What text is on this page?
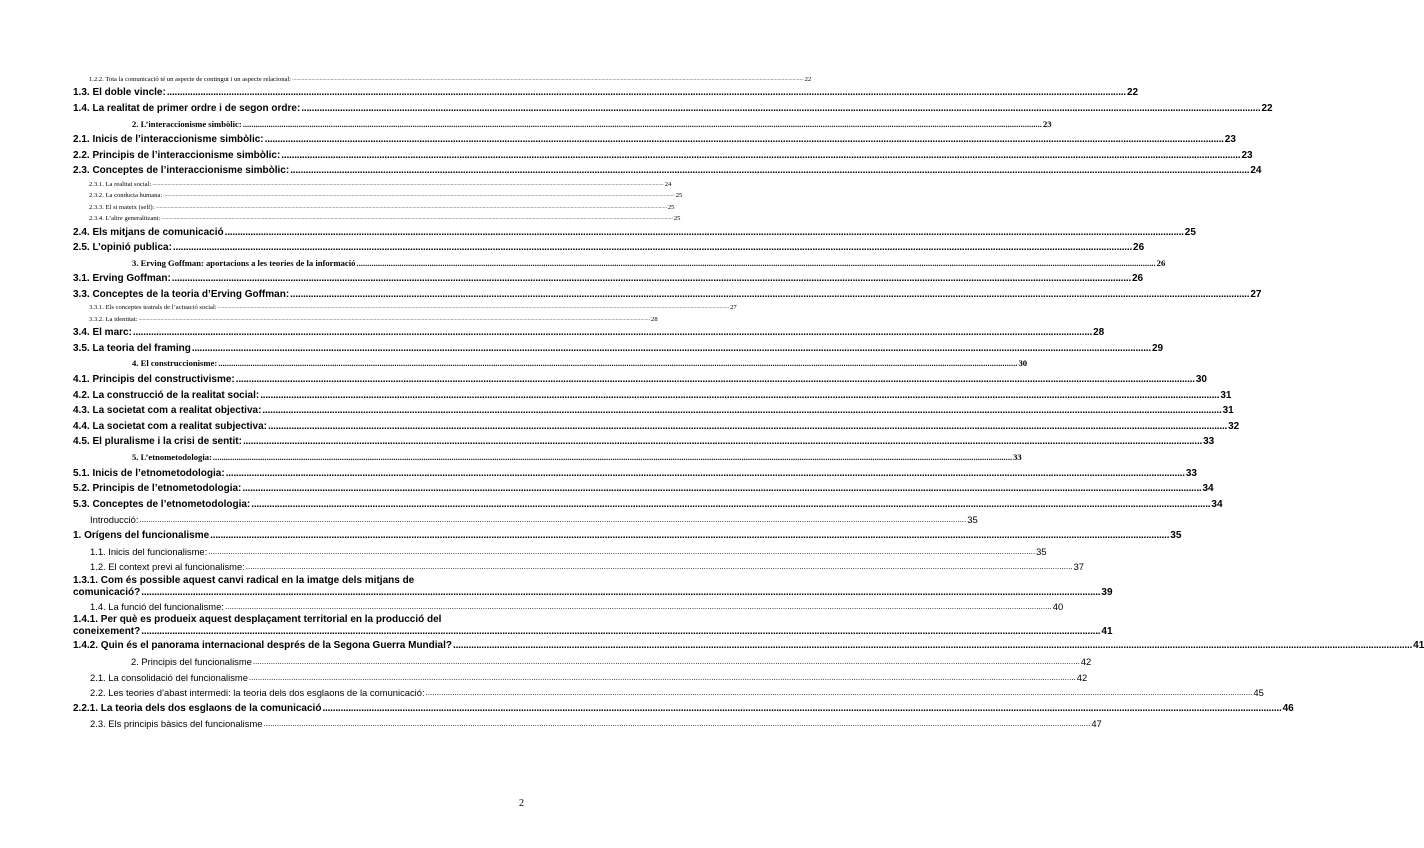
1.2.2. Tota la comunicació té un aspecte de contingut i un aspecte relacional: .....	22
1.3. El doble vincle: .....	22
1.4. La realitat de primer ordre i de segon ordre: .....	22
2. L’interaccionisme simbòlic: .....	23
2.1. Inicis de l’interaccionisme simbòlic: .....	23
2.2. Principis de l’interaccionisme simbòlic: .....	23
2.3. Conceptes de l’interaccionisme simbòlic: .....	24
2.3.1. La realitat social: .....	24
2.3.2. La conducta humana: .....	25
2.3.3. El si mateix (self): .....	25
2.3.4. L’altre generalitzant: .....	25
2.4. Els mitjans de comunicació .....	25
2.5. L’opinió publica: .....	26
3. Erving Goffman: aportacions a les teories de la informació .....	26
3.1. Erving Goffman: .....	26
3.3. Conceptes de la teoria d’Erving Goffman: .....	27
3.3.1. Els conceptes teatrals de l’actuació social: .....	27
3.3.2. La identitat: .....	28
3.4. El marc: .....	28
3.5. La teoria del framing .....	29
4. El construccionisme: .....	30
4.1. Principis del constructivisme: .....	30
4.2. La construcció de la realitat social: .....	31
4.3. La societat com a realitat objectiva: .....	31
4.4. La societat com a realitat subjectiva: .....	32
4.5. El pluralisme i la crisi de sentit: .....	33
5. L’etnometodologia: .....	33
5.1. Inicis de l’etnometodologia: .....	33
5.2. Principis de l’etnometodologia: .....	34
5.3. Conceptes de l’etnometodologia: .....	34
Introducció: .....	35
1. Orígens del funcionalisme .....	35
1.1. Inicis del funcionalisme: .....	35
1.2. El context previ al funcionalisme: .....	37
1.3.1. Com és possible aquest canvi radical en la imatge dels mitjans de
comunicació? .....	39
1.4. La funció del funcionalisme: .....	40
1.4.1. Per què es produeix aquest desplaçament territorial en la producció del
coneixement? .....	41
1.4.2. Quin és el panorama internacional després de la Segona Guerra Mundial? .....	41
2. Principis del funcionalisme .....	42
2.1. La consolidació del funcionalisme .....	42
2.2. Les teories d’abast intermedi: la teoria dels dos esglaons de la comunicació: .....	45
2.2.1. La teoria dels dos esglaons de la comunicació .....	46
2.3. Els principis bàsics del funcionalisme .....	47
2
